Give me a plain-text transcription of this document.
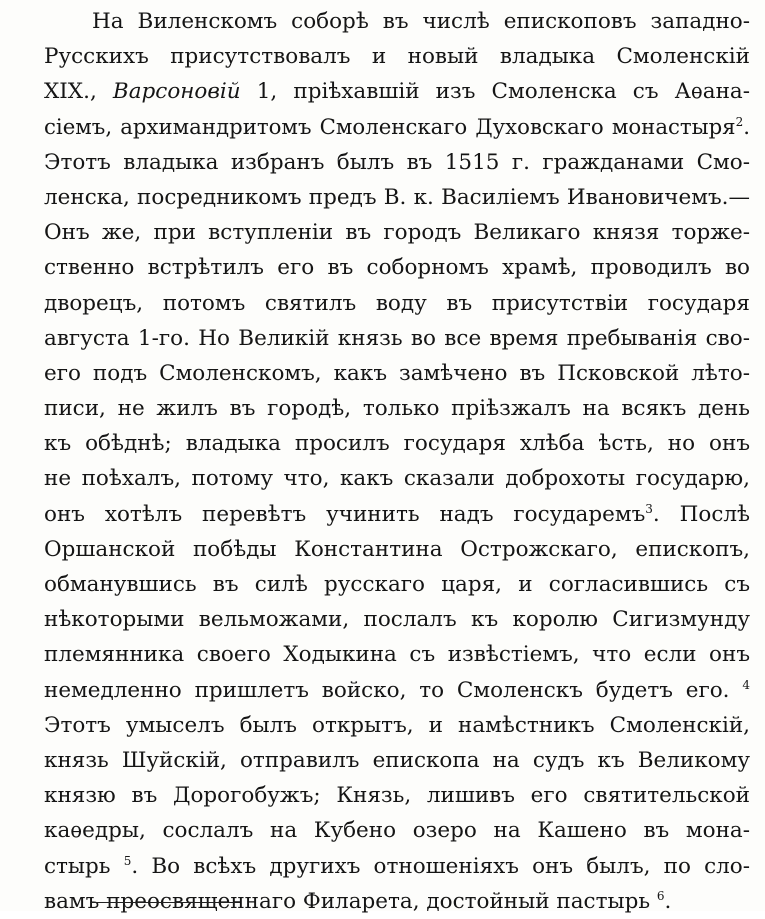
На Виленскомъ соборѣ въ числѣ епископовъ западно-
Русскихъ присутствовалъ и новый владыка Смоленскій
XIX., Варсоновій 1, пріѣхавшій изъ Смоленска съ Аѳана-
сіемъ, архимандритомъ Смоленскаго Духовскаго монастыря$^2$.
Этотъ владыка избранъ былъ въ 1515 г. гражданами Смо-
ленска, посредникомъ предъ В. к. Василіемъ Ивановичемъ.—
Онъ же, при вступленіи въ городъ Великаго князя торже-
ственно встрѣтилъ его въ соборномъ храмѣ, проводилъ во
дворецъ, потомъ святилъ воду въ присутствіи государя
августа 1-го. Но Великій князь во все время пребыванія сво-
его подъ Смоленскомъ, какъ замѣчено въ Псковской лѣто-
писи, не жилъ въ городѣ, только пріѣзжалъ на всякъ день
къ обѣднѣ; владыка просилъ государя хлѣба ѣсть, но онъ
не поѣхалъ, потому что, какъ сказали доброхоты государю,
онъ хотѣлъ перевѣтъ учинить надъ государемъ$^3$. Послѣ
Оршанской побѣды Константина Острожскаго, епископъ,
обманувшись въ силѣ русскаго царя, и согласившись съ
нѣкоторыми вельможами, послалъ къ королю Сигизмунду
племянника своего Ходыкина съ извѣстіемъ, что если онъ
немедленно пришлетъ войско, то Смоленскъ будетъ его. $^4$
Этотъ умыселъ былъ открытъ, и намѣстникъ Смоленскій,
князь Шуйскій, отправилъ епископа на судъ къ Великому
князю въ Дорогобужъ; Князь, лишивъ его святительской
каѳедры, сослалъ на Кубено озеро на Кашено въ мона-
стырь $^5$. Во всѣхъ другихъ отношеніяхъ онъ былъ, по сло-
вамъ преосвященнаго Филарета, достойный пастырь $^6$.
